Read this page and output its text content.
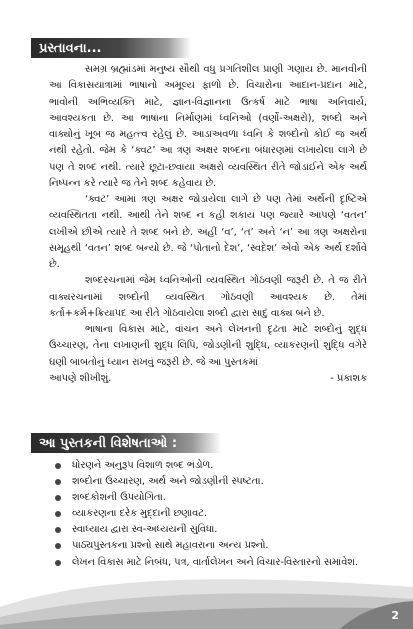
પ્રસ્તાવના...

સમગ્ર બ્રહ્માંડમાં મનુષ્ય સૌથી વધુ પ્રગતિશીલ પ્રાણી ગણાય છે. માનવીની આ વિકાસયાત્રામાં ભાષાનો અમૂલ્ય ફાળો છે. વિચારોના આદાન-પ્રદાન માટે, ભાવોની અભિવ્યક્તિ માટે, જ્ઞાન-વિજ્ઞાનના ઉત્કર્ષ માટે ભાષા અનિવાર્ય, આવશ્યકતા છે. આ ભાષાના નિર્માણમાં ધ્વનિઓ (વર્ણો-અક્ષરો), શબ્દો અને વાક્યોનું ખૂબ જ મહત્ત્વ રહેલું છે. આડાઅવળા ધ્વનિ કે શબ્દોનો કોઈ જ અર્થ નથી રહેતો. જેમ કે ‘ક્વટ’ આ ત્રણ અક્ષર શબ્દના બંધારણમાં લખાયેલા લાગે છે પણ તે શબ્દ નથી. ત્યારે છૂટા-છવાયા અક્ષરો વ્યવસ્થિત રીતે જોડાઈને એક અર્થ નિષ્પન્ન કરે ત્યારે જ તેને શબ્દ કહેવાય છે.

‘ક્વટ’ આમાં ત્રણ અક્ષર જોડાયેલા લાગે છે પણ તેમાં અર્થની દૃષ્ટિએ વ્યવસ્થિતતા નથી. આથી તેને શબ્દ ન કહી શકાય પણ જ્યારે આપણે ‘વતન’ લખીએ છીએ ત્યારે તે શબ્દ બને છે. અહીં ‘વ’, ‘ત’ અને ‘ન’ આ ત્રણ અક્ષરોના સમૂહથી ‘વતન’ શબ્દ બન્યો છે. જે ‘પોતાનો દેશ’, ‘સ્વદેશ’ એવો એક અર્થ દર્શાવે છે.

શબ્દરચનામાં જેમ ધ્વનિઓની વ્યવસ્થિત ગોઠવણી જરૂરી છે. તે જ રીતે વાક્યરચનામાં શબ્દોની વ્યવસ્થિત ગોઠવણી આવશ્યક છે. તેમાં કર્તા+કર્મ+ક્રિયાપદ આ રીતે ગોઠવાયેલા શબ્દો દ્વારા સાદું વાક્ય બને છે.

ભાષાના વિકાસ માટે, વાંચન અને લેખનની દૃઢતા માટે શબ્દોનું શુદ્ધ ઉચ્ચારણ, તેના લખાણની શુદ્ધ લિપિ, જોડણીની શુદ્ધિ, વ્યાકરણની શુદ્ધિ વગેરે ઘણી બાબતોનું ધ્યાન રાખવું જરૂરી છે. જે આ પુસ્તકમાં

આપણે શીખીશું.	- પ્રકાશક
આ પુસ્તકની વિશેષતાઓ :
ધોરણને અનુરૂપ વિશાળ શબ્દ ભંડોળ.
શબ્દોના ઉચ્ચારણ, અર્થ અને જોડણીની સ્પષ્ટતા.
શબ્દકોશની ઉપયોગિતા.
વ્યાકરણના દરેક મુદ્દાની છણાવટ.
સ્વાધ્યાય દ્વારા સ્વ-અધ્યયની સુવિધા.
પાઠ્યપુસ્તકના પ્રશ્નો સાથે મહાવરાના અન્ય પ્રશ્નો.
લેખન વિકાસ માટે નિબંધ, પત્ર, વાર્તાલેખન અને વિચાર-વિસ્તારનો સમાવેશ.
2
